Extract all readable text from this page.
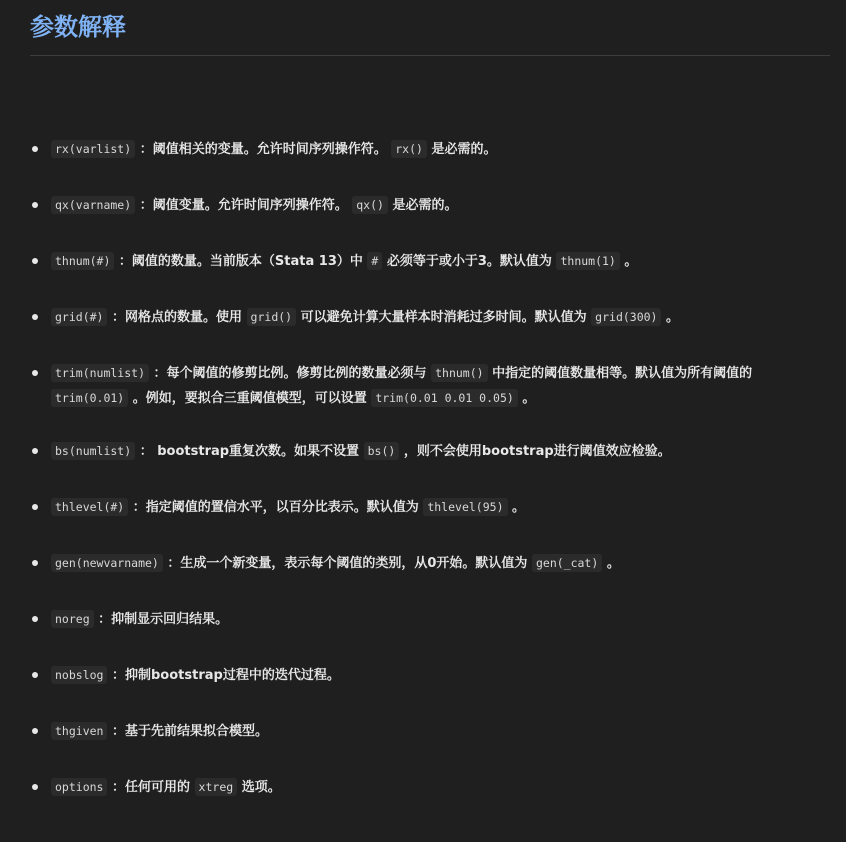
参数解释
rx(varlist) ：阈值相关的变量。允许时间序列操作符。 rx() 是必需的。
qx(varname) ：阈值变量。允许时间序列操作符。 qx() 是必需的。
thnum(#) ：阈值的数量。当前版本（Stata 13）中 # 必须等于或小于3。默认值为 thnum(1) 。
grid(#) ：网格点的数量。使用 grid() 可以避免计算大量样本时消耗过多时间。默认值为 grid(300) 。
trim(numlist) ：每个阈值的修剪比例。修剪比例的数量必须与 thnum() 中指定的阈值数量相等。默认值为所有阈值的
trim(0.01) 。例如，要拟合三重阈值模型，可以设置 trim(0.01 0.01 0.05) 。
bs(numlist) ： bootstrap重复次数。如果不设置 bs() ，则不会使用bootstrap进行阈值效应检验。
thlevel(#) ：指定阈值的置信水平，以百分比表示。默认值为 thlevel(95) 。
gen(newvarname) ：生成一个新变量，表示每个阈值的类别，从0开始。默认值为 gen(_cat) 。
noreg ：抑制显示回归结果。
nobslog ：抑制bootstrap过程中的迭代过程。
thgiven ：基于先前结果拟合模型。
options ：任何可用的 xtreg 选项。
